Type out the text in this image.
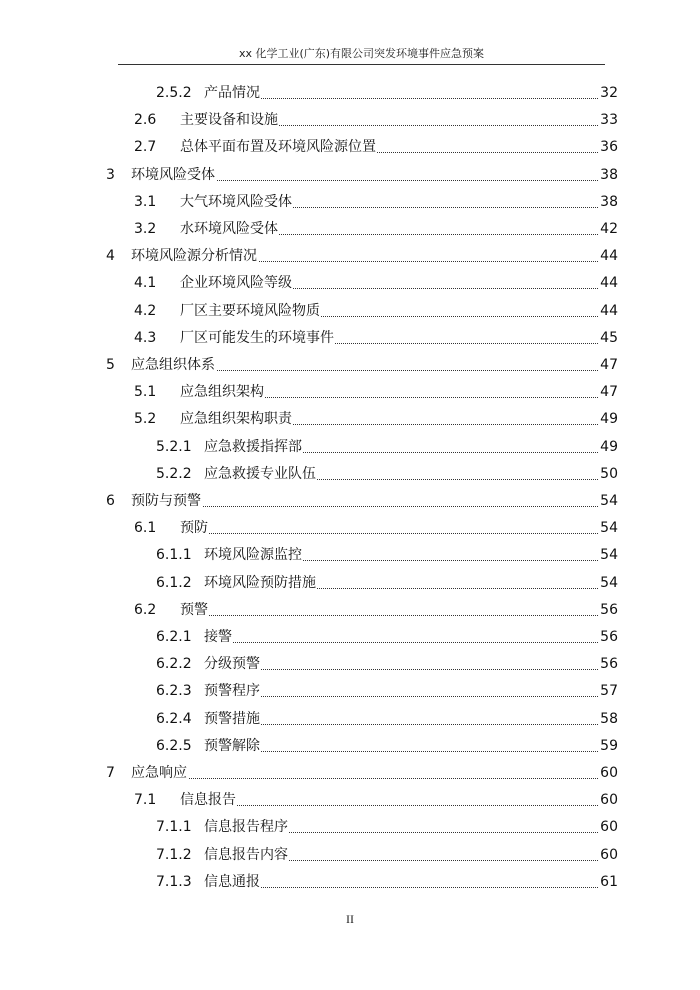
xx 化学工业(广东)有限公司突发环境事件应急预案
2.5.2 产品情况	32
2.6 主要设备和设施	33
2.7 总体平面布置及环境风险源位置	36
3 环境风险受体	38
3.1 大气环境风险受体	38
3.2 水环境风险受体	42
4 环境风险源分析情况	44
4.1 企业环境风险等级	44
4.2 厂区主要环境风险物质	44
4.3 厂区可能发生的环境事件	45
5 应急组织体系	47
5.1 应急组织架构	47
5.2 应急组织架构职责	49
5.2.1 应急救援指挥部	49
5.2.2 应急救援专业队伍	50
6 预防与预警	54
6.1 预防	54
6.1.1 环境风险源监控	54
6.1.2 环境风险预防措施	54
6.2 预警	56
6.2.1 接警	56
6.2.2 分级预警	56
6.2.3 预警程序	57
6.2.4 预警措施	58
6.2.5 预警解除	59
7 应急响应	60
7.1 信息报告	60
7.1.1 信息报告程序	60
7.1.2 信息报告内容	60
7.1.3 信息通报	61
II
